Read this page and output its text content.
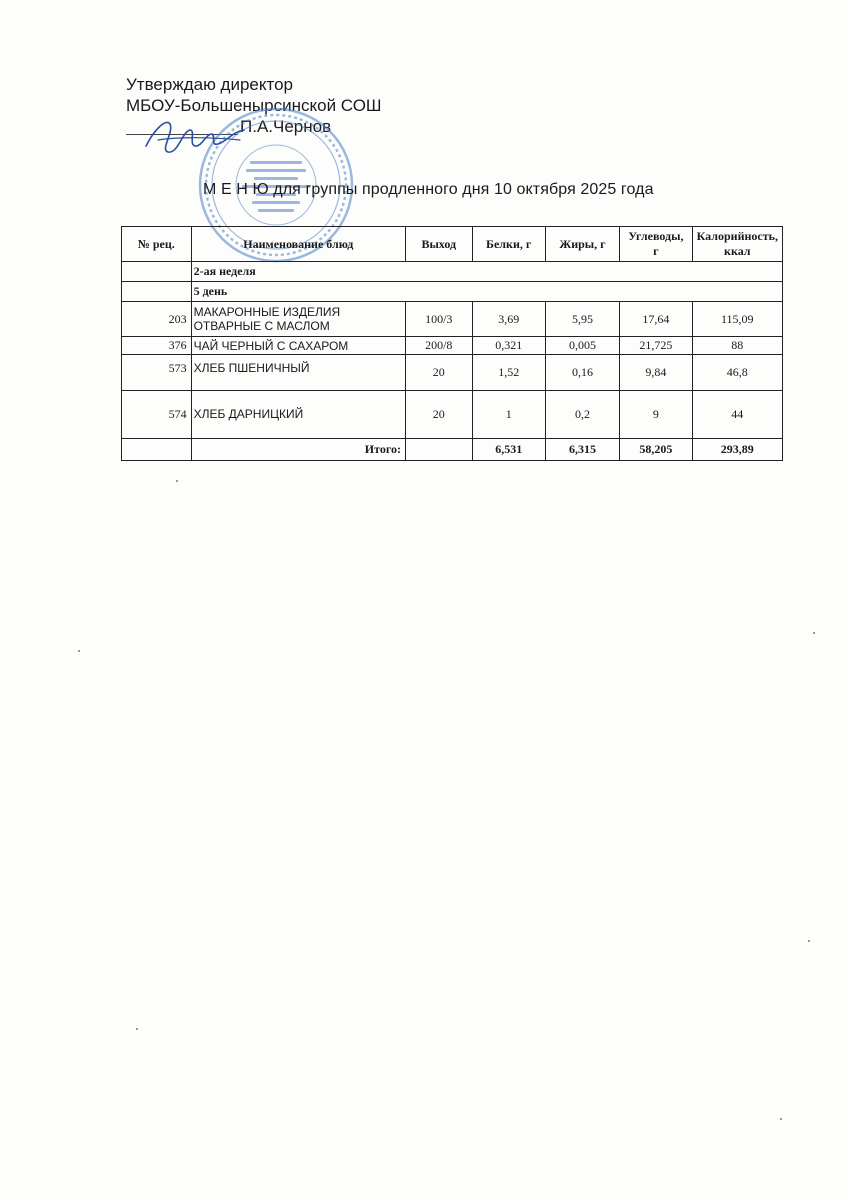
Утверждаю директор
МБОУ-Большеныpсинской СОШ
П.А.Чернов
М Е Н Ю для группы продленного дня 10 октября 2025 года
№ рец.	Наименование блюд	Выход	Белки, г	Жиры, г	Углеводы, г	Калорийность, ккал
	2-ая неделя					
	5 день					
203	МАКАРОННЫЕ ИЗДЕЛИЯ ОТВАРНЫЕ С МАСЛОМ	100/3	3,69	5,95	17,64	115,09
376	ЧАЙ ЧЕРНЫЙ С САХАРОМ	200/8	0,321	0,005	21,725	88
573	ХЛЕБ ПШЕНИЧНЫЙ	20	1,52	0,16	9,84	46,8
574	ХЛЕБ ДАРНИЦКИЙ	20	1	0,2	9	44
	Итого:		6,531	6,315	58,205	293,89
